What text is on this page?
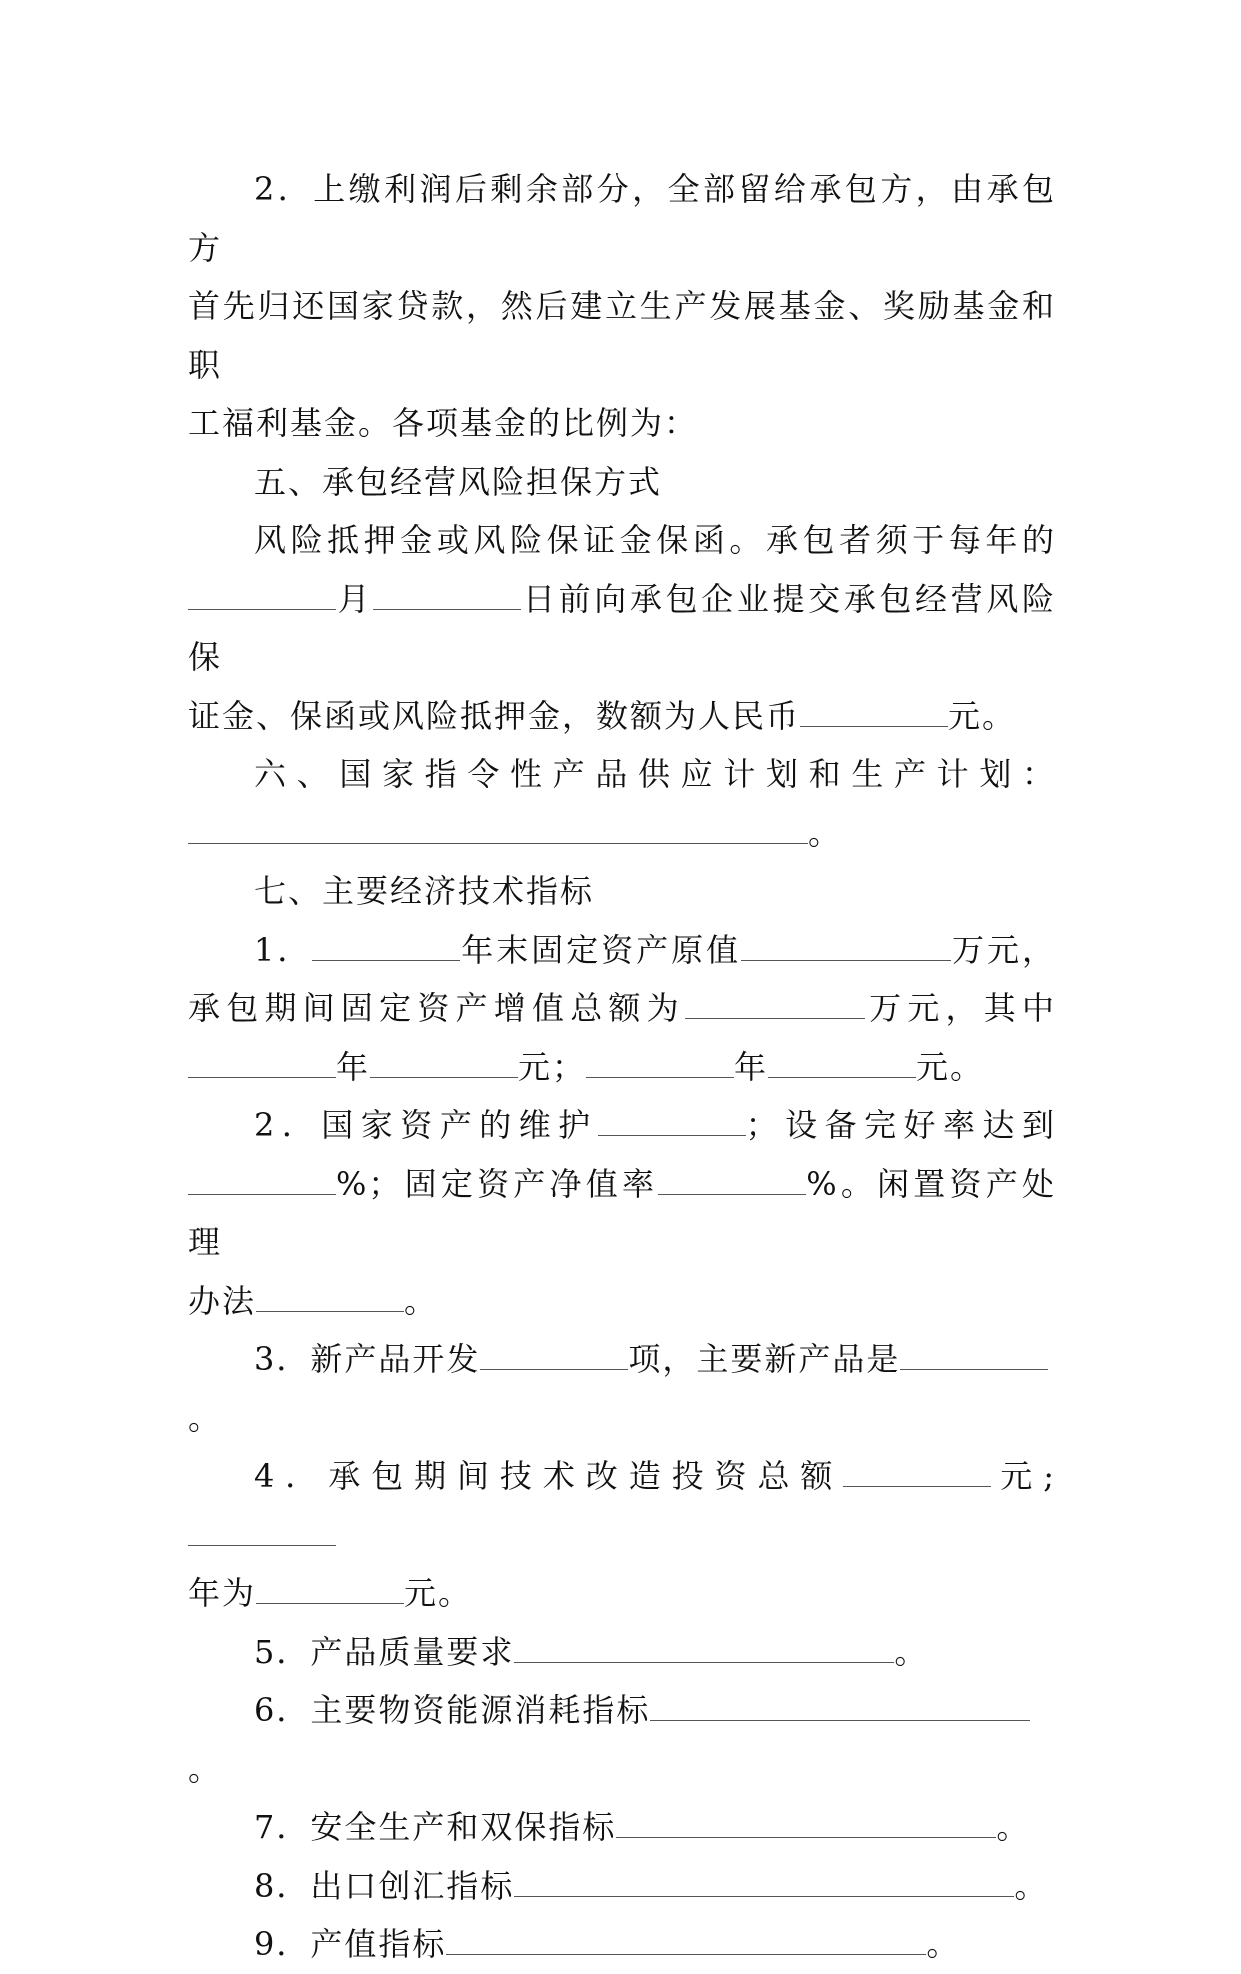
2．上缴利润后剩余部分，全部留给承包方，由承包方

首先归还国家贷款，然后建立生产发展基金、奖励基金和职

工福利基金。各项基金的比例为：

五、承包经营风险担保方式

风险抵押金或风险保证金保函。承包者须于每年的

月	日前向承包企业提交承包经营风险保

证金、保函或风险抵押金，数额为人民币	元。

六、国家指令性产品供应计划和生产计划：

。

七、主要经济技术指标

1．	年末固定资产原值	万元，

承包期间固定资产增值总额为	万元，其中

年	元；	年	元。

2．国家资产的维护	；设备完好率达到

%；固定资产净值率	%。闲置资产处理

办法	。

3．新产品开发	项，主要新产品是。

4．承包期间技术改造投资总额	元;

年为	元。

5．产品质量要求	。

6．主要物资能源消耗指标。

7．安全生产和双保指标	。

8．出口创汇指标	。

9．产值指标	。
